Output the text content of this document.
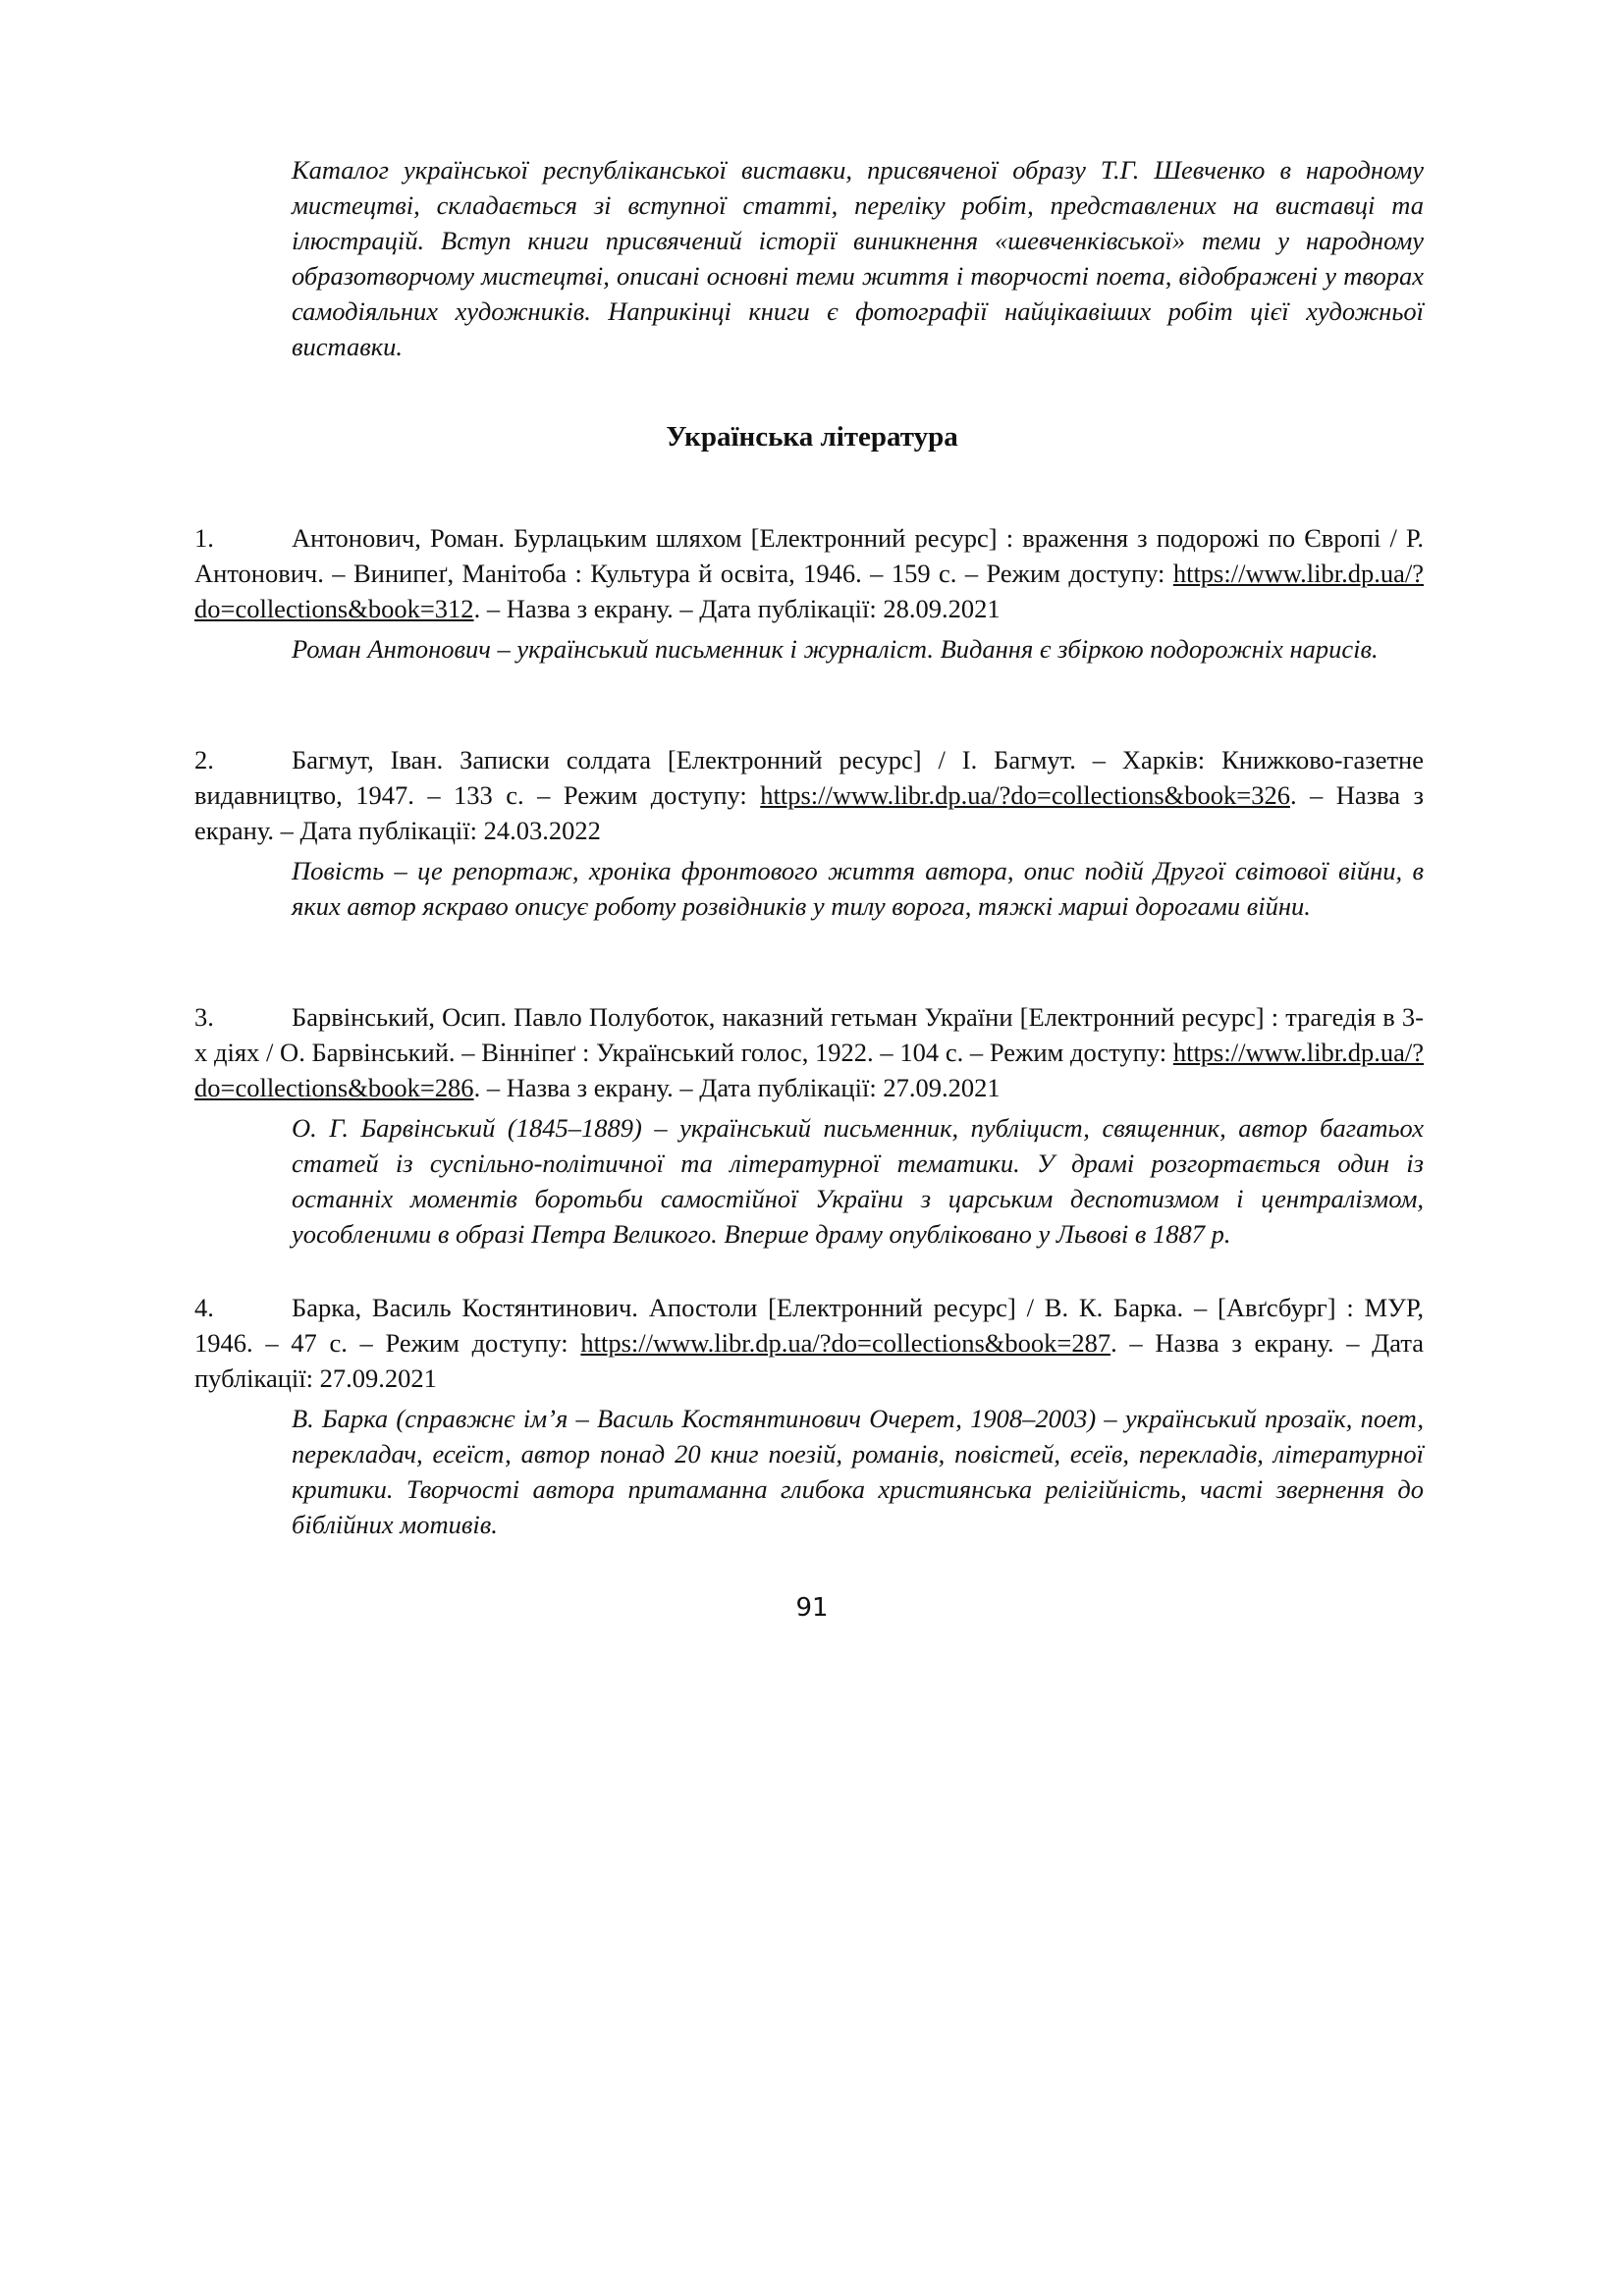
Каталог української республіканської виставки, присвяченої образу Т.Г. Шевченко в народному мистецтві, складається зі вступної статті, переліку робіт, представлених на виставці та ілюстрацій. Вступ книги присвячений історії виникнення «шевченківської» теми у народному образотворчому мистецтві, описані основні теми життя і творчості поета, відображені у творах самодіяльних художників. Наприкінці книги є фотографії найцікавіших робіт цієї художньої виставки.

Українська література

1.	Антонович, Роман. Бурлацьким шляхом [Електронний ресурс] : враження з подорожі по Європі / Р. Антонович. – Винипеґ, Манітоба : Культура й освіта, 1946. – 159 с. – Режим доступу: https://www.libr.dp.ua/?do=collections&book=312. – Назва з екрану. – Дата публікації: 28.09.2021

Роман Антонович – український письменник і журналіст. Видання є збіркою подорожніх нарисів.

2.	Багмут, Іван. Записки солдата [Електронний ресурс] / І. Багмут. – Харків: Книжково-газетне видавництво, 1947. – 133 с. – Режим доступу: https://www.libr.dp.ua/?do=collections&book=326. – Назва з екрану. – Дата публікації: 24.03.2022

Повість – це репортаж, хроніка фронтового життя автора, опис подій Другої світової війни, в яких автор яскраво описує роботу розвідників у тилу ворога, тяжкі марші дорогами війни.

3.	Барвінський, Осип. Павло Полуботок, наказний гетьман України [Електронний ресурс] : трагедія в 3-х діях / О. Барвінський. – Вінніпеґ : Український голос, 1922. – 104 с. – Режим доступу: https://www.libr.dp.ua/?do=collections&book=286. – Назва з екрану. – Дата публікації: 27.09.2021

О. Г. Барвінський (1845–1889) – український письменник, публіцист, священник, автор багатьох статей із суспільно-політичної та літературної тематики. У драмі розгортається один із останніх моментів боротьби самостійної України з царським деспотизмом і централізмом, уособленими в образі Петра Великого. Вперше драму опубліковано у Львові в 1887 р.

4.	Барка, Василь Костянтинович. Апостоли [Електронний ресурс] / В. К. Барка. – [Авґсбург] : МУР, 1946. – 47 с. – Режим доступу: https://www.libr.dp.ua/?do=collections&book=287. – Назва з екрану. – Дата публікації: 27.09.2021

В. Барка (справжнє ім’я – Василь Костянтинович Очерет, 1908–2003) – український прозаїк, поет, перекладач, есеїст, автор понад 20 книг поезій, романів, повістей, есеїв, перекладів, літературної критики. Творчості автора притаманна глибока християнська релігійність, часті звернення до біблійних мотивів.

91
